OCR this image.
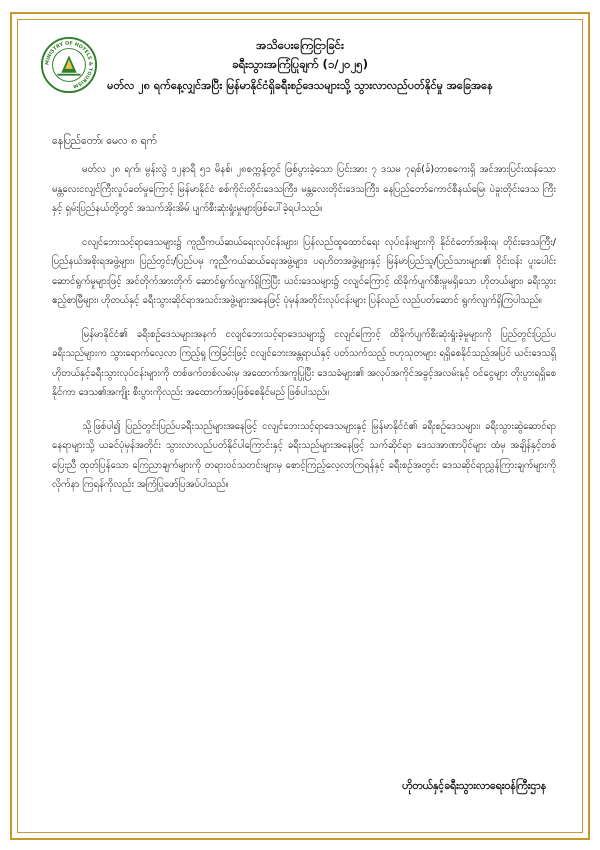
MINISTRY OF HOTELS & TOURISM
အသိပေးကြေငြာခြင်း
ခရီးသွားအကြံပြုချက် (၁/၂၀၂၅)
မတ်လ ၂၈ ရက်နေ့လျှင်အပြီး မြန်မာနိုင်ငံရှိခရီးစဉ်ဒေသများသို့ သွားလာလည်ပတ်နိုင်မှု အခြေအနေ
နေပြည်တော်၊ မေလ ၈ ရက်

မတ်လ ၂၈ ရက်၊ မွန်းလွဲ ၁၂နာရီ ၅၁ မိနစ်၊ ၂၈စက္ကန့်တွင် ဖြစ်ပွားခဲ့သော ပြင်းအား ၇ ဒသမ ၇ရစ်(ခ်)တာစကေးရှိ အင်အားပြင်းထန်သော မန္တလေးငလျင်ကြီးလှုပ်ခတ်မှုကြောင့် မြန်မာနိုင်ငံ စစ်ကိုင်းတိုင်းဒေသကြီး၊ မန္တလေးတိုင်းဒေသကြီး၊ နေပြည်တော်ကောင်စီနယ်မြေ၊ ပဲခူးတိုင်းဒေသ ကြီးနှင့် ရှမ်းပြည်နယ်တို့တွင် အသက်အိုးအိမ် ပျက်စီးဆုံးရှုံးမှုများဖြစ်ပေါ်ခဲ့ရပါသည်။

ငလျင်ဘေးသင့်ရာဒေသများ၌ ကူညီကယ်ဆယ်ရေးလုပ်ငန်းများ၊ ပြန်လည်ထူထောင်ရေး လုပ်ငန်းများကို နိုင်ငံတော်အစိုးရ၊ တိုင်းဒေသကြီး/ပြည်နယ်အစိုးရအဖွဲ့များ၊ ပြည်တွင်း/ပြည်ပမှ ကူညီကယ်ဆယ်ရေးအဖွဲ့များ၊ ပရဟိတအဖွဲ့များနှင့် မြန်မာပြည်သူ/ပြည်သားများ၏ ဝိုင်းဝန်း ပူးပေါင်းဆောင်ရွက်မှုများဖြင့် အင်တိုက်အားတိုက် ဆောင်ရွက်လျက်ရှိကြပြီး ယင်းဒေသများ၌ ငလျင်ကြောင့် ထိခိုက်ပျက်စီးမှုမရှိသော ဟိုတယ်များ၊ ခရီးသွားဧည့်စာမြီများ၊ ဟိုတယ်နှင့် ခရီးသွားဆိုင်ရာအသင်းအဖွဲ့များအနေဖြင့် ပုံမှန်အတိုင်းလုပ်ငန်းများ ပြန်လည် လည်ပတ်ဆောင် ရွက်လျက်ရှိကြပါသည်။

မြန်မာနိုင်ငံ၏ ခရီးစဉ်ဒေသများအနက် ငလျင်ဘေးသင့်ရာဒေသများ၌ ငလျင်ကြောင့် ထိခိုက်ပျက်စီးဆုံးရှုံးခဲ့မှုများကို ပြည်တွင်းပြည်ပခရီးသည်များက သွားရောက်လေ့လာ ကြည့်ရှု ကြခြင်းဖြင့် ငလျင်ဘေးအန္တရာယ်နှင့် ပတ်သက်သည့် ဗဟုသုတများ ရရှိစေနိုင်သည့်အပြင် ယင်းဒေသရှိ ဟိုတယ်နှင့်ခရီးသွားလုပ်ငန်းများကို တစ်ဖက်တစ်လမ်းမှ အထောက်အကူပြုပြီး ဒေသခံများ၏ အလုပ်အကိုင်အခွင့်အလမ်းနှင့် ဝင်ငွေများ တိုးပွားရရှိစေနိုင်ကာ ဒေသ၏အကျိုး စီးပွားကိုလည်း အထောက်အပံ့ဖြစ်စေနိုင်မည် ဖြစ်ပါသည်။

သို့ဖြစ်ပါ၍ ပြည်တွင်းပြည်ပခရီးသည်များအနေဖြင့် ငလျင်ဘေးသင့်ရာဒေသများနှင့် မြန်မာနိုင်ငံ၏ ခရီးစဉ်ဒေသများ၊ ခရီးသွားဆွဲဆောင်ရာနေရာများသို့ ယခင်ပုံမှန်အတိုင်း သွားလာလည်ပတ်နိုင်ပါကြောင်းနှင့် ခရီးသည်များအနေဖြင့် သက်ဆိုင်ရာ ဒေသအာဏာပိုင်များ ထံမှ အချိန်နှင့်တစ်ပြေးညီ ထုတ်ပြန်သော ကြေညာချက်များကို တရားဝင်သတင်းများမှ စောင့်ကြည့်လေ့လာကြရန်နှင့် ခရီးစဉ်အတွင်း ဒေသဆိုင်ရာညွှန်ကြားချက်များကို လိုက်နာ ကြရန်ကိုလည်း အကြံပြုဖော်ပြအပ်ပါသည်။

ဟိုတယ်နှင့်ခရီးသွားလာရေးဝန်ကြီးဌာန
